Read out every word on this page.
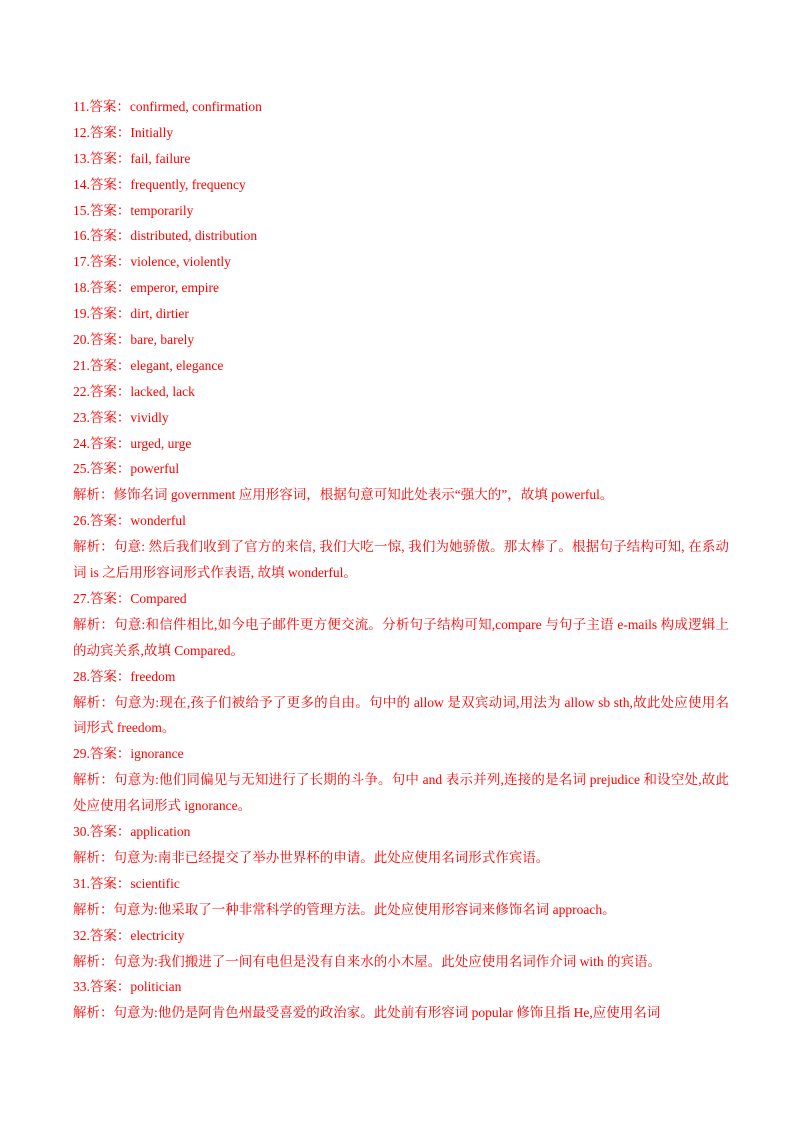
11.答案：confirmed, confirmation
12.答案：Initially
13.答案：fail, failure
14.答案：frequently, frequency
15.答案：temporarily
16.答案：distributed, distribution
17.答案：violence, violently
18.答案：emperor, empire
19.答案：dirt, dirtier
20.答案：bare, barely
21.答案：elegant, elegance
22.答案：lacked, lack
23.答案：vividly
24.答案：urged, urge
25.答案：powerful
解析：修饰名词 government 应用形容词，根据句意可知此处表示“强大的”，故填 powerful。
26.答案：wonderful
解析：句意: 然后我们收到了官方的来信, 我们大吃一惊, 我们为她骄傲。那太棒了。根据句子结构可知, 在系动词 is 之后用形容词形式作表语, 故填 wonderful。
27.答案：Compared
解析：句意:和信件相比,如今电子邮件更方便交流。分析句子结构可知,compare 与句子主语 e-mails 构成逻辑上的动宾关系,故填 Compared。
28.答案：freedom
解析：句意为:现在,孩子们被给予了更多的自由。句中的 allow 是双宾动词,用法为 allow sb sth,故此处应使用名词形式 freedom。
29.答案：ignorance
解析：句意为:他们同偏见与无知进行了长期的斗争。句中 and 表示并列,连接的是名词 prejudice 和设空处,故此处应使用名词形式 ignorance。
30.答案：application
解析：句意为:南非已经提交了举办世界杯的申请。此处应使用名词形式作宾语。
31.答案：scientific
解析：句意为:他采取了一种非常科学的管理方法。此处应使用形容词来修饰名词 approach。
32.答案：electricity
解析：句意为:我们搬进了一间有电但是没有自来水的小木屋。此处应使用名词作介词 with 的宾语。
33.答案：politician
解析：句意为:他仍是阿肯色州最受喜爱的政治家。此处前有形容词 popular 修饰且指 He,应使用名词
